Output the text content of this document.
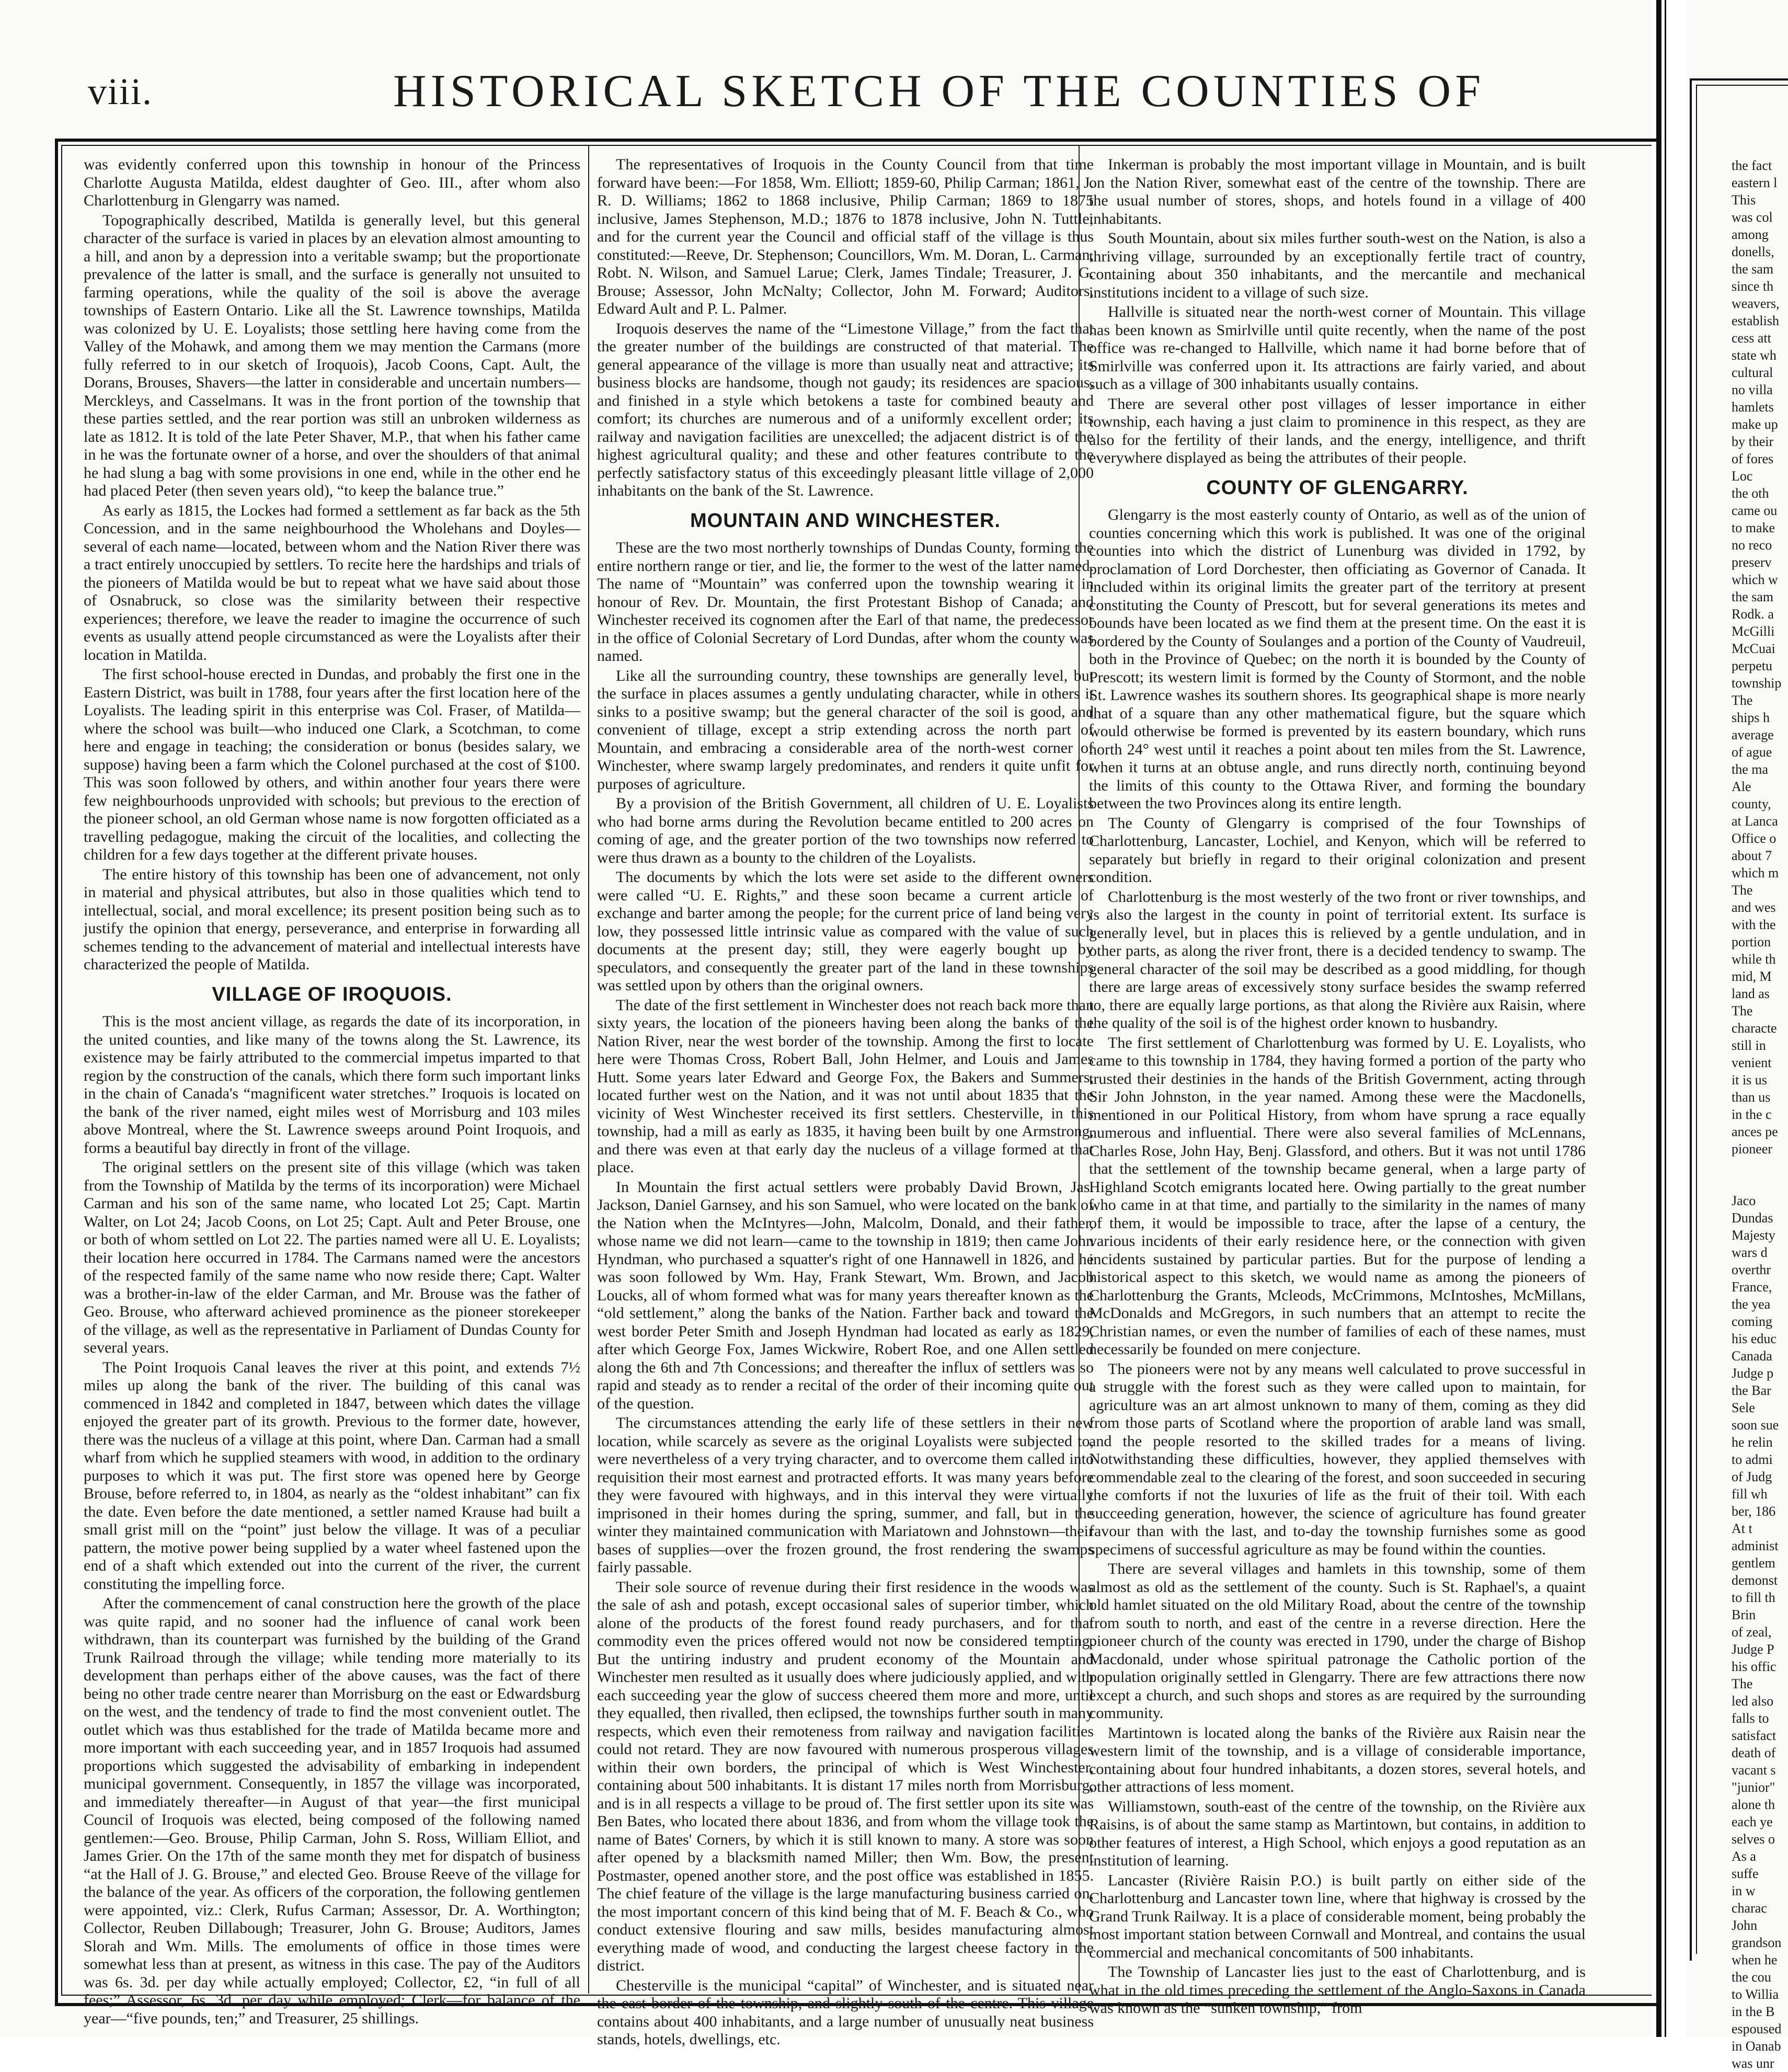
viii.	HISTORICAL SKETCH OF THE COUNTIES OF

was evidently conferred upon this township in honour of the Princess Charlotte Augusta Matilda, eldest daughter of Geo. III., after whom also Charlottenburg in Glengarry was named.

Topographically described, Matilda is generally level, but this general character of the surface is varied in places by an elevation almost amounting to a hill, and anon by a depression into a veritable swamp; but the proportionate prevalence of the latter is small, and the surface is generally not unsuited to farming operations, while the quality of the soil is above the average townships of Eastern Ontario. Like all the St. Lawrence townships, Matilda was colonized by U. E. Loyalists; those settling here having come from the Valley of the Mohawk, and among them we may mention the Carmans (more fully referred to in our sketch of Iroquois), Jacob Coons, Capt. Ault, the Dorans, Brouses, Shavers—the latter in considerable and uncertain numbers—Merckleys, and Casselmans. It was in the front portion of the township that these parties settled, and the rear portion was still an unbroken wilderness as late as 1812. It is told of the late Peter Shaver, M.P., that when his father came in he was the fortunate owner of a horse, and over the shoulders of that animal he had slung a bag with some provisions in one end, while in the other end he had placed Peter (then seven years old), “to keep the balance true.”

As early as 1815, the Lockes had formed a settlement as far back as the 5th Concession, and in the same neighbourhood the Wholehans and Doyles—several of each name—located, between whom and the Nation River there was a tract entirely unoccupied by settlers. To recite here the hardships and trials of the pioneers of Matilda would be but to repeat what we have said about those of Osnabruck, so close was the similarity between their respective experiences; therefore, we leave the reader to imagine the occurrence of such events as usually attend people circumstanced as were the Loyalists after their location in Matilda.

The first school-house erected in Dundas, and probably the first one in the Eastern District, was built in 1788, four years after the first location here of the Loyalists. The leading spirit in this enterprise was Col. Fraser, of Matilda—where the school was built—who induced one Clark, a Scotchman, to come here and engage in teaching; the consideration or bonus (besides salary, we suppose) having been a farm which the Colonel purchased at the cost of $100. This was soon followed by others, and within another four years there were few neighbourhoods unprovided with schools; but previous to the erection of the pioneer school, an old German whose name is now forgotten officiated as a travelling pedagogue, making the circuit of the localities, and collecting the children for a few days together at the different private houses.

The entire history of this township has been one of advancement, not only in material and physical attributes, but also in those qualities which tend to intellectual, social, and moral excellence; its present position being such as to justify the opinion that energy, perseverance, and enterprise in forwarding all schemes tending to the advancement of material and intellectual interests have characterized the people of Matilda.

VILLAGE OF IROQUOIS.

This is the most ancient village, as regards the date of its incorporation, in the united counties, and like many of the towns along the St. Lawrence, its existence may be fairly attributed to the commercial impetus imparted to that region by the construction of the canals, which there form such important links in the chain of Canada's “magnificent water stretches.” Iroquois is located on the bank of the river named, eight miles west of Morrisburg and 103 miles above Montreal, where the St. Lawrence sweeps around Point Iroquois, and forms a beautiful bay directly in front of the village.

The original settlers on the present site of this village (which was taken from the Township of Matilda by the terms of its incorporation) were Michael Carman and his son of the same name, who located Lot 25; Capt. Martin Walter, on Lot 24; Jacob Coons, on Lot 25; Capt. Ault and Peter Brouse, one or both of whom settled on Lot 22. The parties named were all U. E. Loyalists; their location here occurred in 1784. The Carmans named were the ancestors of the respected family of the same name who now reside there; Capt. Walter was a brother-in-law of the elder Carman, and Mr. Brouse was the father of Geo. Brouse, who afterward achieved prominence as the pioneer storekeeper of the village, as well as the representative in Parliament of Dundas County for several years.

The Point Iroquois Canal leaves the river at this point, and extends 7½ miles up along the bank of the river. The building of this canal was commenced in 1842 and completed in 1847, between which dates the village enjoyed the greater part of its growth. Previous to the former date, however, there was the nucleus of a village at this point, where Dan. Carman had a small wharf from which he supplied steamers with wood, in addition to the ordinary purposes to which it was put. The first store was opened here by George Brouse, before referred to, in 1804, as nearly as the “oldest inhabitant” can fix the date. Even before the date mentioned, a settler named Krause had built a small grist mill on the “point” just below the village. It was of a peculiar pattern, the motive power being supplied by a water wheel fastened upon the end of a shaft which extended out into the current of the river, the current constituting the impelling force.

After the commencement of canal construction here the growth of the place was quite rapid, and no sooner had the influence of canal work been withdrawn, than its counterpart was furnished by the building of the Grand Trunk Railroad through the village; while tending more materially to its development than perhaps either of the above causes, was the fact of there being no other trade centre nearer than Morrisburg on the east or Edwardsburg on the west, and the tendency of trade to find the most convenient outlet. The outlet which was thus established for the trade of Matilda became more and more important with each succeeding year, and in 1857 Iroquois had assumed proportions which suggested the advisability of embarking in independent municipal government. Consequently, in 1857 the village was incorporated, and immediately thereafter—in August of that year—the first municipal Council of Iroquois was elected, being composed of the following named gentlemen:—Geo. Brouse, Philip Carman, John S. Ross, William Elliot, and James Grier. On the 17th of the same month they met for dispatch of business “at the Hall of J. G. Brouse,” and elected Geo. Brouse Reeve of the village for the balance of the year. As officers of the corporation, the following gentlemen were appointed, viz.: Clerk, Rufus Carman; Assessor, Dr. A. Worthington; Collector, Reuben Dillabough; Treasurer, John G. Brouse; Auditors, James Slorah and Wm. Mills. The emoluments of office in those times were somewhat less than at present, as witness in this case. The pay of the Auditors was 6s. 3d. per day while actually employed; Collector, £2, “in full of all fees;” Assessor, 6s. 3d. per day while employed; Clerk—for balance of the year—“five pounds, ten;” and Treasurer, 25 shillings.

The representatives of Iroquois in the County Council from that time forward have been:—For 1858, Wm. Elliott; 1859-60, Philip Carman; 1861, J. R. D. Williams; 1862 to 1868 inclusive, Philip Carman; 1869 to 1875 inclusive, James Stephenson, M.D.; 1876 to 1878 inclusive, John N. Tuttle; and for the current year the Council and official staff of the village is thus constituted:—Reeve, Dr. Stephenson; Councillors, Wm. M. Doran, L. Carman, Robt. N. Wilson, and Samuel Larue; Clerk, James Tindale; Treasurer, J. G. Brouse; Assessor, John McNalty; Collector, John M. Forward; Auditors, Edward Ault and P. L. Palmer.

Iroquois deserves the name of the “Limestone Village,” from the fact that the greater number of the buildings are constructed of that material. The general appearance of the village is more than usually neat and attractive; its business blocks are handsome, though not gaudy; its residences are spacious, and finished in a style which betokens a taste for combined beauty and comfort; its churches are numerous and of a uniformly excellent order; its railway and navigation facilities are unexcelled; the adjacent district is of the highest agricultural quality; and these and other features contribute to the perfectly satisfactory status of this exceedingly pleasant little village of 2,000 inhabitants on the bank of the St. Lawrence.

MOUNTAIN AND WINCHESTER.

These are the two most northerly townships of Dundas County, forming the entire northern range or tier, and lie, the former to the west of the latter named. The name of “Mountain” was conferred upon the township wearing it in honour of Rev. Dr. Mountain, the first Protestant Bishop of Canada; and Winchester received its cognomen after the Earl of that name, the predecessor in the office of Colonial Secretary of Lord Dundas, after whom the county was named.

Like all the surrounding country, these townships are generally level, but the surface in places assumes a gently undulating character, while in others it sinks to a positive swamp; but the general character of the soil is good, and convenient of tillage, except a strip extending across the north part of Mountain, and embracing a considerable area of the north-west corner of Winchester, where swamp largely predominates, and renders it quite unfit for purposes of agriculture.

By a provision of the British Government, all children of U. E. Loyalists who had borne arms during the Revolution became entitled to 200 acres on coming of age, and the greater portion of the two townships now referred to were thus drawn as a bounty to the children of the Loyalists.

The documents by which the lots were set aside to the different owners were called “U. E. Rights,” and these soon became a current article of exchange and barter among the people; for the current price of land being very low, they possessed little intrinsic value as compared with the value of such documents at the present day; still, they were eagerly bought up by speculators, and consequently the greater part of the land in these townships was settled upon by others than the original owners.

The date of the first settlement in Winchester does not reach back more than sixty years, the location of the pioneers having been along the banks of the Nation River, near the west border of the township. Among the first to locate here were Thomas Cross, Robert Ball, John Helmer, and Louis and James Hutt. Some years later Edward and George Fox, the Bakers and Summers, located further west on the Nation, and it was not until about 1835 that the vicinity of West Winchester received its first settlers. Chesterville, in this township, had a mill as early as 1835, it having been built by one Armstrong, and there was even at that early day the nucleus of a village formed at that place.

In Mountain the first actual settlers were probably David Brown, Jas. Jackson, Daniel Garnsey, and his son Samuel, who were located on the bank of the Nation when the McIntyres—John, Malcolm, Donald, and their father, whose name we did not learn—came to the township in 1819; then came John Hyndman, who purchased a squatter's right of one Hannawell in 1826, and he was soon followed by Wm. Hay, Frank Stewart, Wm. Brown, and Jacob Loucks, all of whom formed what was for many years thereafter known as the “old settlement,” along the banks of the Nation. Farther back and toward the west border Peter Smith and Joseph Hyndman had located as early as 1829, after which George Fox, James Wickwire, Robert Roe, and one Allen settled along the 6th and 7th Concessions; and thereafter the influx of settlers was so rapid and steady as to render a recital of the order of their incoming quite out of the question.

The circumstances attending the early life of these settlers in their new location, while scarcely as severe as the original Loyalists were subjected to, were nevertheless of a very trying character, and to overcome them called into requisition their most earnest and protracted efforts. It was many years before they were favoured with highways, and in this interval they were virtually imprisoned in their homes during the spring, summer, and fall, but in the winter they maintained communication with Mariatown and Johnstown—their bases of supplies—over the frozen ground, the frost rendering the swamps fairly passable.

Their sole source of revenue during their first residence in the woods was the sale of ash and potash, except occasional sales of superior timber, which alone of the products of the forest found ready purchasers, and for that commodity even the prices offered would not now be considered tempting. But the untiring industry and prudent economy of the Mountain and Winchester men resulted as it usually does where judiciously applied, and with each succeeding year the glow of success cheered them more and more, until they equalled, then rivalled, then eclipsed, the townships further south in many respects, which even their remoteness from railway and navigation facilities could not retard. They are now favoured with numerous prosperous villages within their own borders, the principal of which is West Winchester, containing about 500 inhabitants. It is distant 17 miles north from Morrisburg, and is in all respects a village to be proud of. The first settler upon its site was Ben Bates, who located there about 1836, and from whom the village took the name of Bates' Corners, by which it is still known to many. A store was soon after opened by a blacksmith named Miller; then Wm. Bow, the present Postmaster, opened another store, and the post office was established in 1855. The chief feature of the village is the large manufacturing business carried on, the most important concern of this kind being that of M. F. Beach & Co., who conduct extensive flouring and saw mills, besides manufacturing almost everything made of wood, and conducting the largest cheese factory in the district.

Chesterville is the municipal “capital” of Winchester, and is situated near the east border of the township, and slightly south of the centre. This village contains about 400 inhabitants, and a large number of unusually neat business stands, hotels, dwellings, etc.

Inkerman is probably the most important village in Mountain, and is built on the Nation River, somewhat east of the centre of the township. There are the usual number of stores, shops, and hotels found in a village of 400 inhabitants.

South Mountain, about six miles further south-west on the Nation, is also a thriving village, surrounded by an exceptionally fertile tract of country, containing about 350 inhabitants, and the mercantile and mechanical institutions incident to a village of such size.

Hallville is situated near the north-west corner of Mountain. This village has been known as Smirlville until quite recently, when the name of the post office was re-changed to Hallville, which name it had borne before that of Smirlville was conferred upon it. Its attractions are fairly varied, and about such as a village of 300 inhabitants usually contains.

There are several other post villages of lesser importance in either township, each having a just claim to prominence in this respect, as they are also for the fertility of their lands, and the energy, intelligence, and thrift everywhere displayed as being the attributes of their people.

COUNTY OF GLENGARRY.

Glengarry is the most easterly county of Ontario, as well as of the union of counties concerning which this work is published. It was one of the original counties into which the district of Lunenburg was divided in 1792, by proclamation of Lord Dorchester, then officiating as Governor of Canada. It included within its original limits the greater part of the territory at present constituting the County of Prescott, but for several generations its metes and bounds have been located as we find them at the present time. On the east it is bordered by the County of Soulanges and a portion of the County of Vaudreuil, both in the Province of Quebec; on the north it is bounded by the County of Prescott; its western limit is formed by the County of Stormont, and the noble St. Lawrence washes its southern shores. Its geographical shape is more nearly that of a square than any other mathematical figure, but the square which would otherwise be formed is prevented by its eastern boundary, which runs north 24° west until it reaches a point about ten miles from the St. Lawrence, when it turns at an obtuse angle, and runs directly north, continuing beyond the limits of this county to the Ottawa River, and forming the boundary between the two Provinces along its entire length.

The County of Glengarry is comprised of the four Townships of Charlottenburg, Lancaster, Lochiel, and Kenyon, which will be referred to separately but briefly in regard to their original colonization and present condition.

Charlottenburg is the most westerly of the two front or river townships, and is also the largest in the county in point of territorial extent. Its surface is generally level, but in places this is relieved by a gentle undulation, and in other parts, as along the river front, there is a decided tendency to swamp. The general character of the soil may be described as a good middling, for though there are large areas of excessively stony surface besides the swamp referred to, there are equally large portions, as that along the Rivière aux Raisin, where the quality of the soil is of the highest order known to husbandry.

The first settlement of Charlottenburg was formed by U. E. Loyalists, who came to this township in 1784, they having formed a portion of the party who trusted their destinies in the hands of the British Government, acting through Sir John Johnston, in the year named. Among these were the Macdonells, mentioned in our Political History, from whom have sprung a race equally numerous and influential. There were also several families of McLennans, Charles Rose, John Hay, Benj. Glassford, and others. But it was not until 1786 that the settlement of the township became general, when a large party of Highland Scotch emigrants located here. Owing partially to the great number who came in at that time, and partially to the similarity in the names of many of them, it would be impossible to trace, after the lapse of a century, the various incidents of their early residence here, or the connection with given incidents sustained by particular parties. But for the purpose of lending a historical aspect to this sketch, we would name as among the pioneers of Charlottenburg the Grants, Mcleods, McCrimmons, McIntoshes, McMillans, McDonalds and McGregors, in such numbers that an attempt to recite the Christian names, or even the number of families of each of these names, must necessarily be founded on mere conjecture.

The pioneers were not by any means well calculated to prove successful in a struggle with the forest such as they were called upon to maintain, for agriculture was an art almost unknown to many of them, coming as they did from those parts of Scotland where the proportion of arable land was small, and the people resorted to the skilled trades for a means of living. Notwithstanding these difficulties, however, they applied themselves with commendable zeal to the clearing of the forest, and soon succeeded in securing the comforts if not the luxuries of life as the fruit of their toil. With each succeeding generation, however, the science of agriculture has found greater favour than with the last, and to-day the township furnishes some as good specimens of successful agriculture as may be found within the counties.

There are several villages and hamlets in this township, some of them almost as old as the settlement of the county. Such is St. Raphael's, a quaint old hamlet situated on the old Military Road, about the centre of the township from south to north, and east of the centre in a reverse direction. Here the pioneer church of the county was erected in 1790, under the charge of Bishop Macdonald, under whose spiritual patronage the Catholic portion of the population originally settled in Glengarry. There are few attractions there now except a church, and such shops and stores as are required by the surrounding community.

Martintown is located along the banks of the Rivière aux Raisin near the western limit of the township, and is a village of considerable importance, containing about four hundred inhabitants, a dozen stores, several hotels, and other attractions of less moment.

Williamstown, south-east of the centre of the township, on the Rivière aux Raisins, is of about the same stamp as Martintown, but contains, in addition to other features of interest, a High School, which enjoys a good reputation as an institution of learning.

Lancaster (Rivière Raisin P.O.) is built partly on either side of the Charlottenburg and Lancaster town line, where that highway is crossed by the Grand Trunk Railway. It is a place of considerable moment, being probably the most important station between Cornwall and Montreal, and contains the usual commercial and mechanical concomitants of 500 inhabitants.

The Township of Lancaster lies just to the east of Charlottenburg, and is what in the old times preceding the settlement of the Anglo-Saxons in Canada was known as the “sunken township,” from

the fact

eastern l

This

was col

among

donells,

the sam

since th

weavers,

establish

cess att

state wh

cultural

no villa

hamlets

make up

by their

of fores

Loc

the oth

came ou

to make

no reco

preserv

which w

the sam

Rodk. a

McGilli

McCuai

perpetu

township

The

ships h

average

of ague

the ma

Ale

county,

at Lanca

Office o

about 7

which m

The

and wes

with the

portion

while th

mid, M

land as

The

characte

still in

venient

it is us

than us

in the c

ances pe

pioneer

Jaco

Dundas

Majesty

wars d

overthr

France,

the yea

coming

his educ

Canada

Judge p

the Bar

Sele

soon sue

he relin

to admi

of Judg

fill wh

ber, 186

At t

administ

gentlem

demonst

to fill th

Brin

of zeal,

Judge P

his offic

The

led also

falls to

satisfact

death of

vacant s

"junior"

alone th

each ye

selves o

As a

suffe

in w

charac

John

grandson

when he

the cou

to Willia

in the B

espoused

in Oanab

was unr
